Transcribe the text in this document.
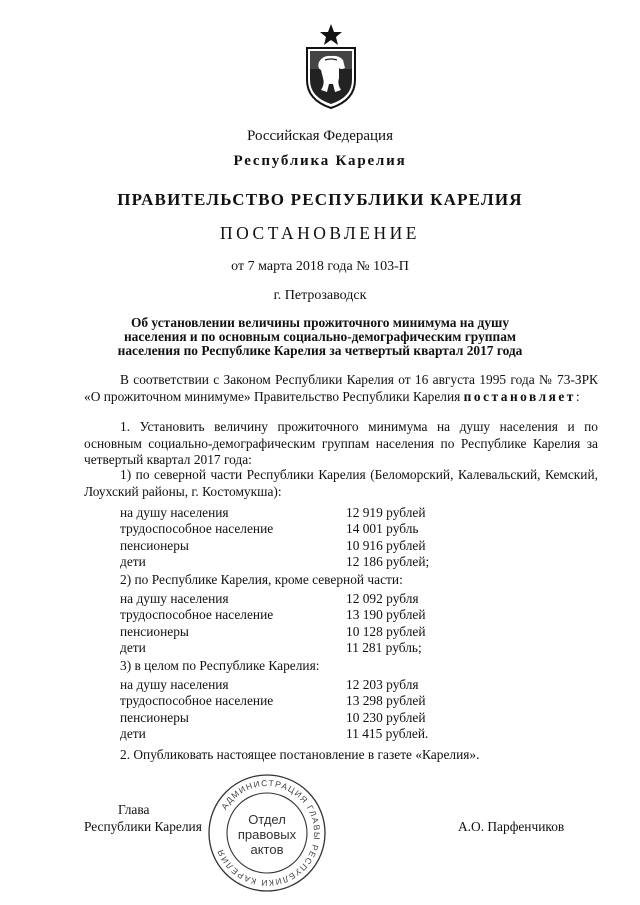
Российская Федерация
Республика Карелия
ПРАВИТЕЛЬСТВО РЕСПУБЛИКИ КАРЕЛИЯ
ПОСТАНОВЛЕНИЕ
от 7 марта 2018 года № 103-П
г. Петрозаводск
Об установлении величины прожиточного минимума на душу
населения и по основным социально-демографическим группам
населения по Республике Карелия за четвертый квартал 2017 года
В соответствии с Законом Республики Карелия от 16 августа 1995 года № 73-ЗРК «О прожиточном минимуме» Правительство Республики Карелия постановляет:
1. Установить величину прожиточного минимума на душу населения и по основным социально-демографическим группам населения по Республике Карелия за четвертый квартал 2017 года:
1) по северной части Республики Карелия (Беломорский, Калевальский, Кемский, Лоухский районы, г. Костомукша):
на душу населения	12 919 рублей
трудоспособное население	14 001 рубль
пенсионеры	10 916 рублей
дети	12 186 рублей;
2) по Республике Карелия, кроме северной части:
на душу населения	12 092 рубля
трудоспособное население	13 190 рублей
пенсионеры	10 128 рублей
дети	11 281 рубль;
3) в целом по Республике Карелия:
на душу населения	12 203 рубля
трудоспособное население	13 298 рублей
пенсионеры	10 230 рублей
дети	11 415 рублей.
2. Опубликовать настоящее постановление в газете «Карелия».
Глава
Республики Карелия	А.О. Парфенчиков
АДМИНИСТРАЦИЯ ГЛАВЫ РЕСПУБЛИКИ КАРЕЛИЯ
Отдел
правовых
актов
